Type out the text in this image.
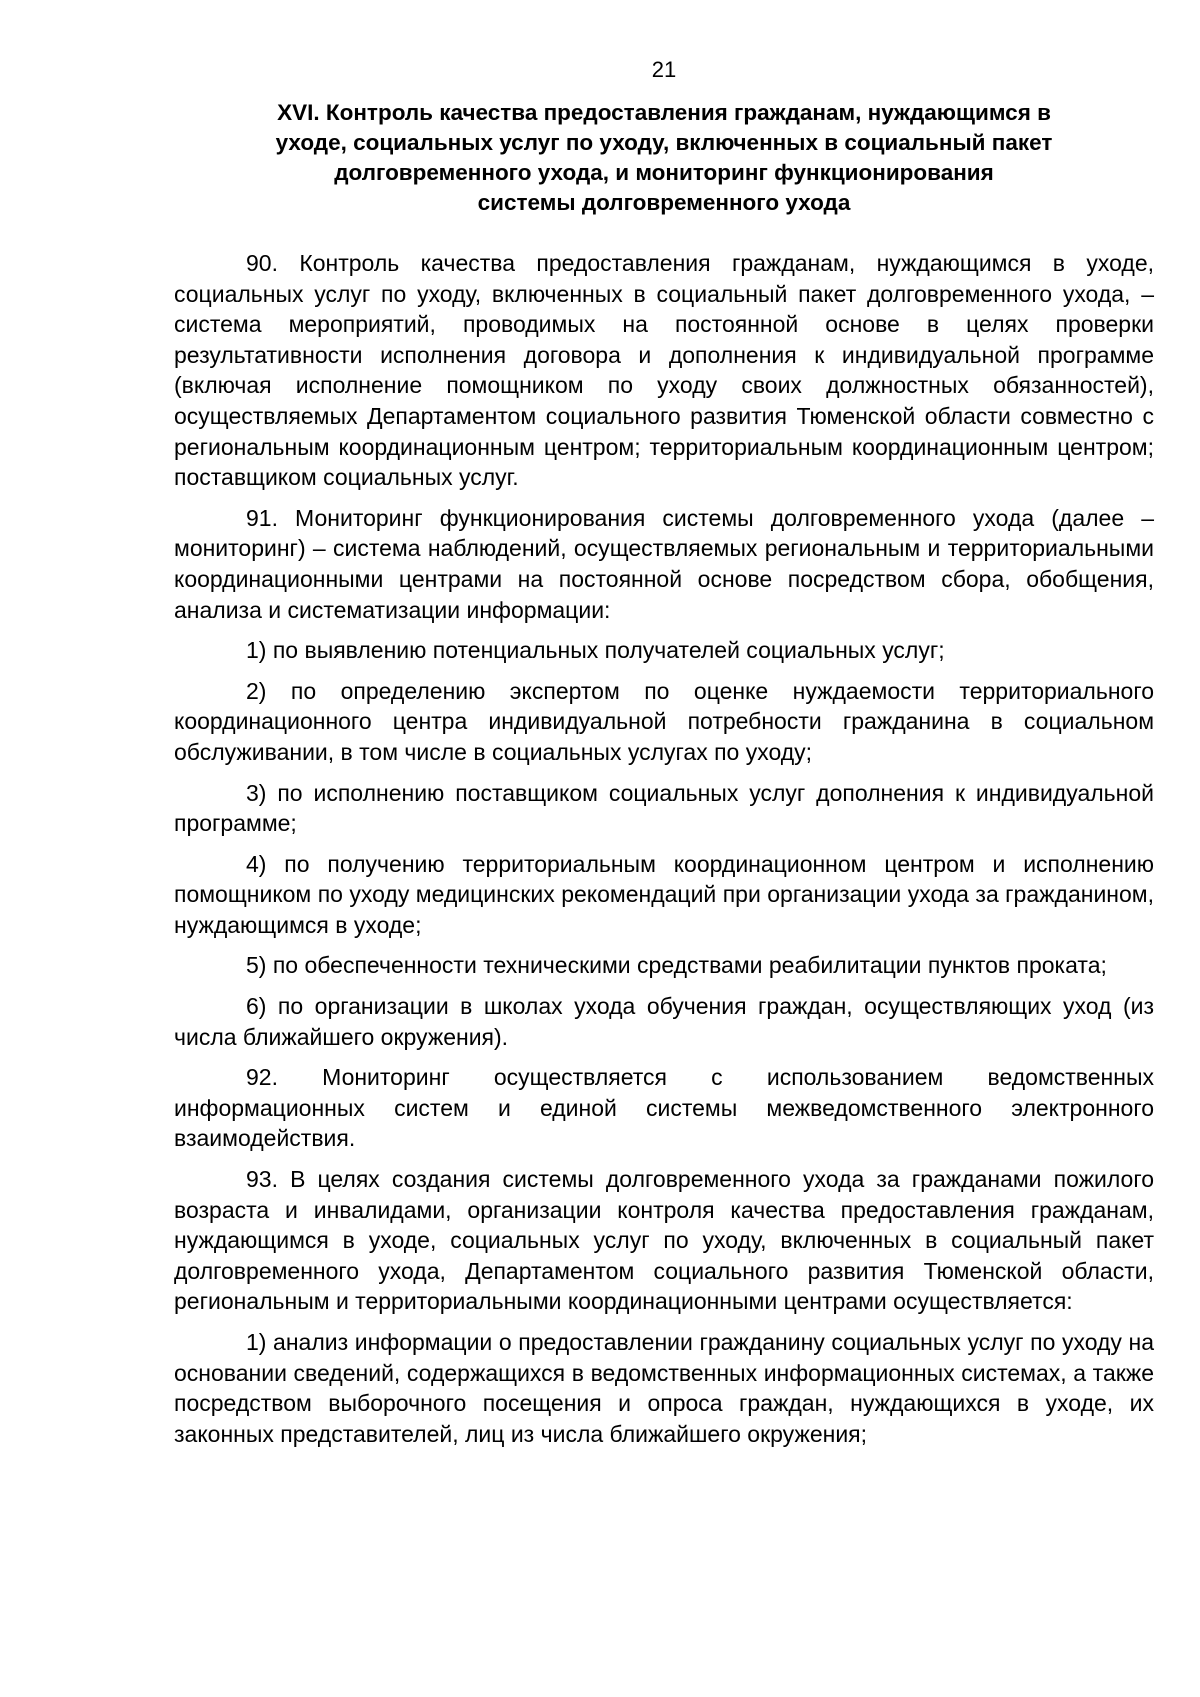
21
XVI. Контроль качества предоставления гражданам, нуждающимся в
уходе, социальных услуг по уходу, включенных в социальный пакет
долговременного ухода, и мониторинг функционирования
системы долговременного ухода

90. Контроль качества предоставления гражданам, нуждающимся в уходе, социальных услуг по уходу, включенных в социальный пакет долговременного ухода, – система мероприятий, проводимых на постоянной основе в целях проверки результативности исполнения договора и дополнения к индивидуальной программе (включая исполнение помощником по уходу своих должностных обязанностей), осуществляемых Департаментом социального развития Тюменской области совместно с региональным координационным центром; территориальным координационным центром; поставщиком социальных услуг.

91. Мониторинг функционирования системы долговременного ухода (далее – мониторинг) – система наблюдений, осуществляемых региональным и территориальными координационными центрами на постоянной основе посредством сбора, обобщения, анализа и систематизации информации:

1) по выявлению потенциальных получателей социальных услуг;

2) по определению экспертом по оценке нуждаемости территориального координационного центра индивидуальной потребности гражданина в социальном обслуживании, в том числе в социальных услугах по уходу;

3) по исполнению поставщиком социальных услуг дополнения к индивидуальной программе;

4) по получению территориальным координационном центром и исполнению помощником по уходу медицинских рекомендаций при организации ухода за гражданином, нуждающимся в уходе;

5) по обеспеченности техническими средствами реабилитации пунктов проката;

6) по организации в школах ухода обучения граждан, осуществляющих уход (из числа ближайшего окружения).

92. Мониторинг осуществляется с использованием ведомственных информационных систем и единой системы межведомственного электронного взаимодействия.

93. В целях создания системы долговременного ухода за гражданами пожилого возраста и инвалидами, организации контроля качества предоставления гражданам, нуждающимся в уходе, социальных услуг по уходу, включенных в социальный пакет долговременного ухода, Департаментом социального развития Тюменской области, региональным и территориальными координационными центрами осуществляется:

1) анализ информации о предоставлении гражданину социальных услуг по уходу на основании сведений, содержащихся в ведомственных информационных системах, а также посредством выборочного посещения и опроса граждан, нуждающихся в уходе, их законных представителей, лиц из числа ближайшего окружения;
